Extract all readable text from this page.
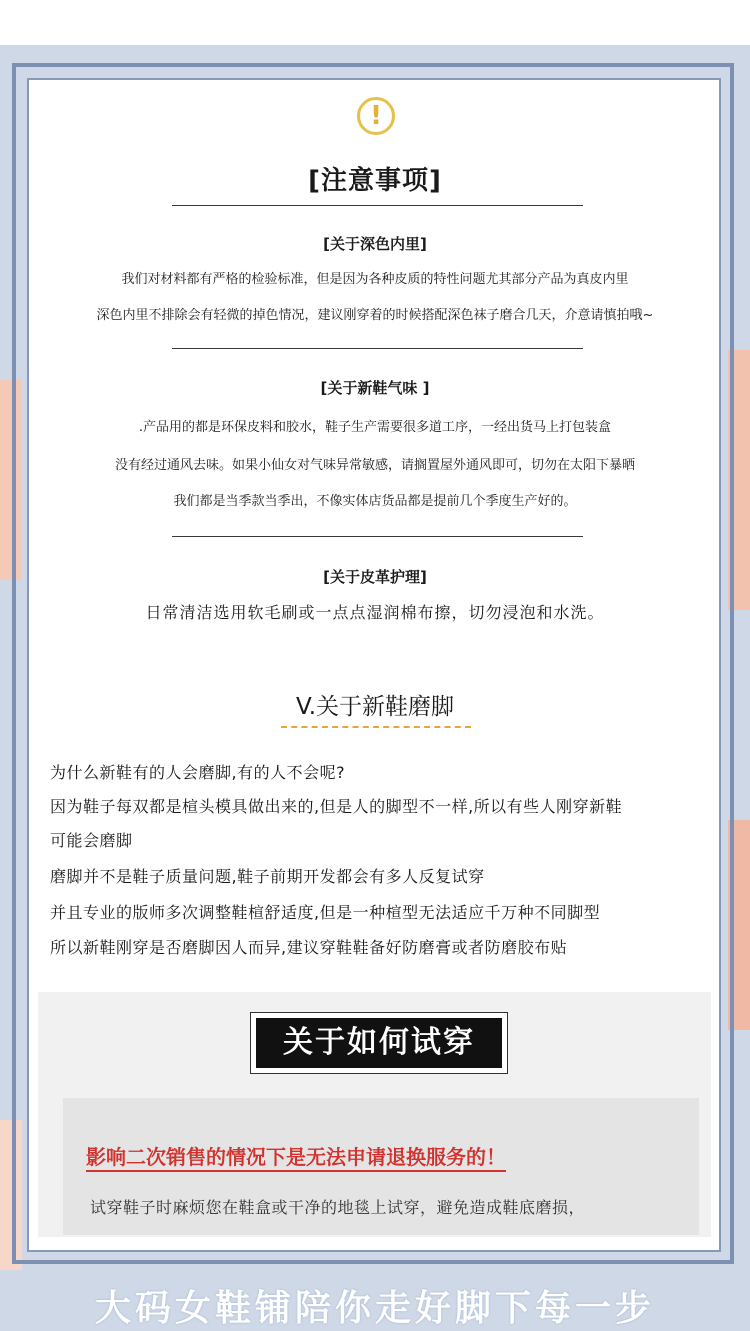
!
[注意事项]
[关于深色内里]
我们对材料都有严格的检验标准，但是因为各种皮质的特性问题尤其部分产品为真皮内里
深色内里不排除会有轻微的掉色情况，建议刚穿着的时候搭配深色袜子磨合几天，介意请慎拍哦~
[关于新鞋气味 ]
.产品用的都是环保皮料和胶水，鞋子生产需要很多道工序，一经出货马上打包装盒
没有经过通风去味。如果小仙女对气味异常敏感，请搁置屋外通风即可，切勿在太阳下暴晒
我们都是当季款当季出，不像实体店货品都是提前几个季度生产好的。
[关于皮革护理]
日常清洁选用软毛刷或一点点湿润棉布擦，切勿浸泡和水洗。
V.关于新鞋磨脚
为什么新鞋有的人会磨脚,有的人不会呢?
因为鞋子每双都是楦头模具做出来的,但是人的脚型不一样,所以有些人刚穿新鞋
可能会磨脚
磨脚并不是鞋子质量问题,鞋子前期开发都会有多人反复试穿
并且专业的版师多次调整鞋楦舒适度,但是一种楦型无法适应千万种不同脚型
所以新鞋刚穿是否磨脚因人而异,建议穿鞋鞋备好防磨膏或者防磨胶布贴
关于如何试穿
影响二次销售的情况下是无法申请退换服务的！
试穿鞋子时麻烦您在鞋盒或干净的地毯上试穿，避免造成鞋底磨损，
大码女鞋铺陪你走好脚下每一步
